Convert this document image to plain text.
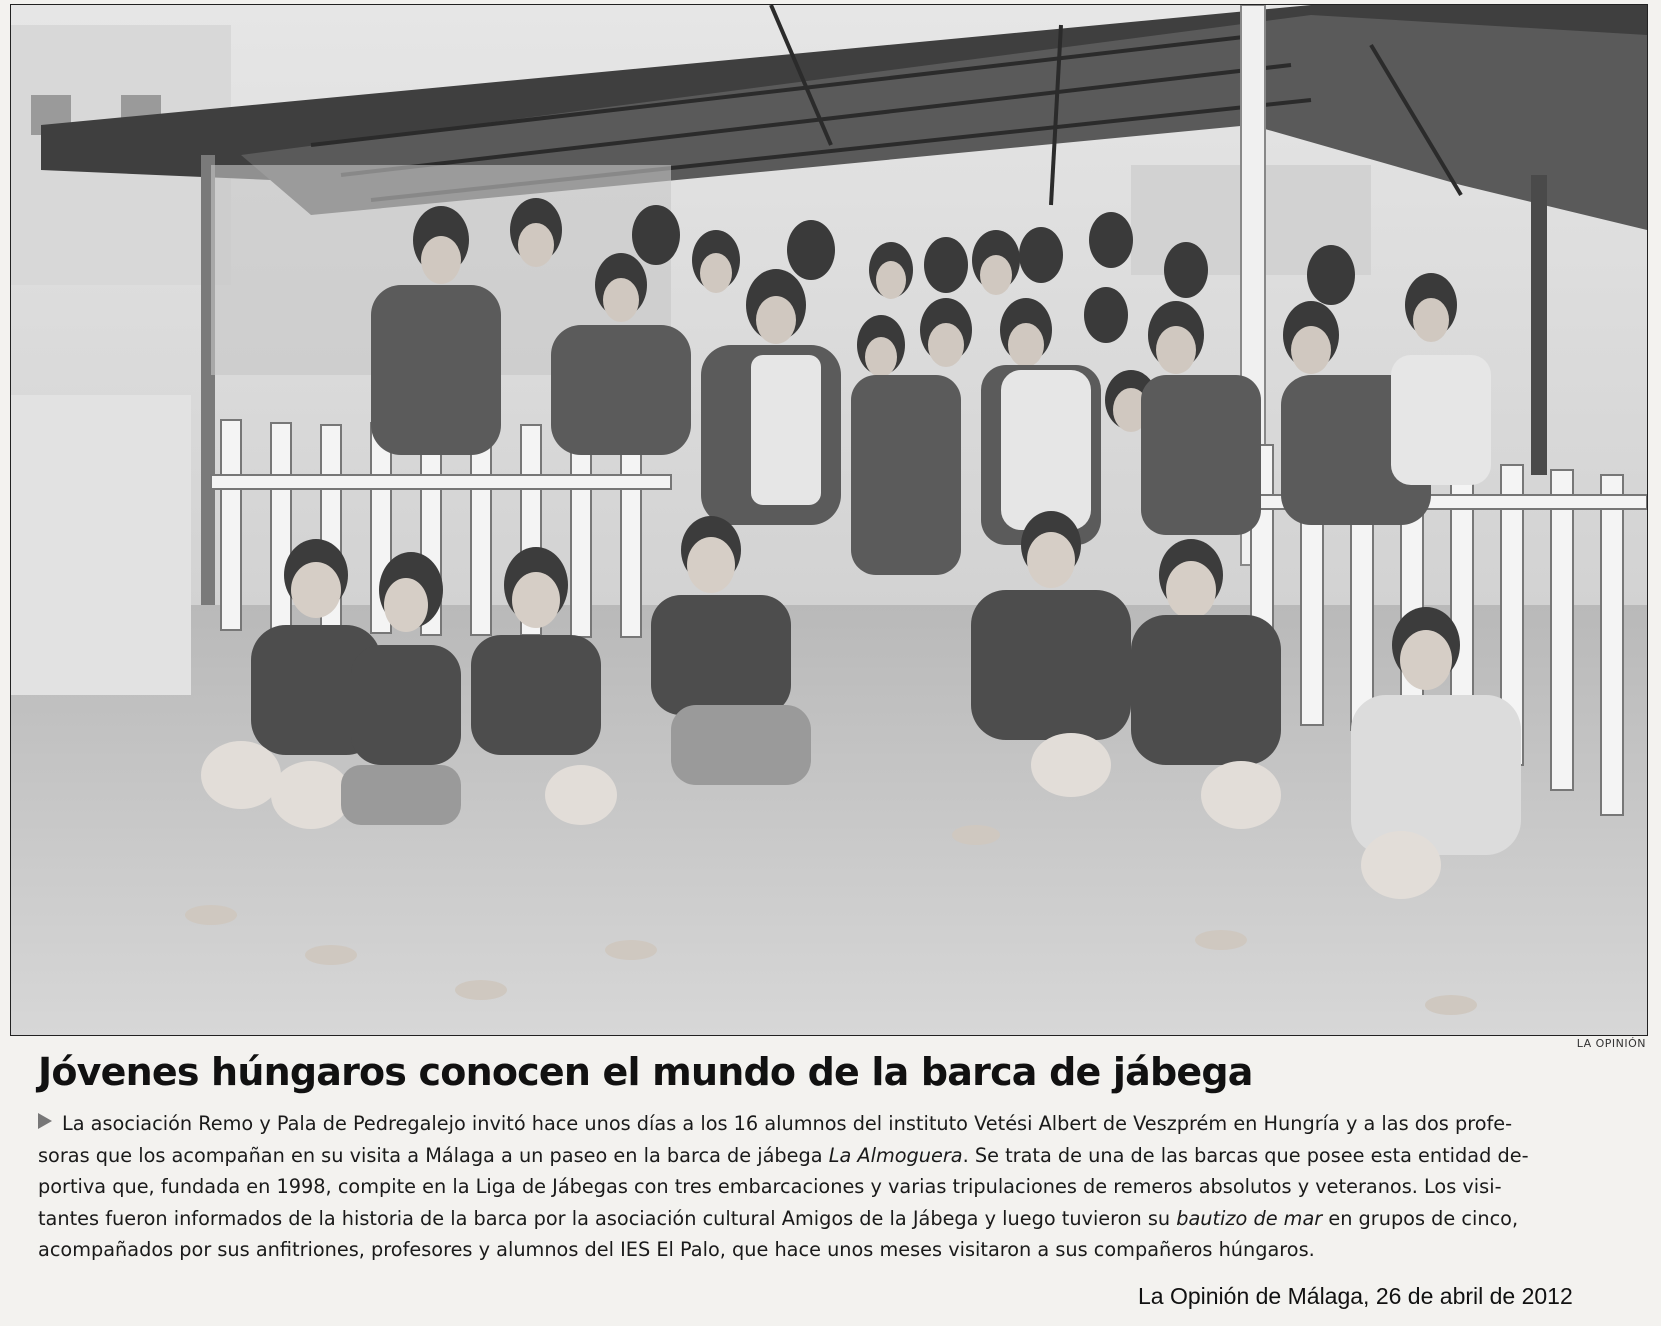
LA OPINIÓN
Jóvenes húngaros conocen el mundo de la barca de jábega
La asociación Remo y Pala de Pedregalejo invitó hace unos días a los 16 alumnos del instituto Vetési Albert de Veszprém en Hungría y a las dos profe-
soras que los acompañan en su visita a Málaga a un paseo en la barca de jábega La Almoguera. Se trata de una de las barcas que posee esta entidad de-
portiva que, fundada en 1998, compite en la Liga de Jábegas con tres embarcaciones y varias tripulaciones de remeros absolutos y veteranos. Los visi-
tantes fueron informados de la historia de la barca por la asociación cultural Amigos de la Jábega y luego tuvieron su bautizo de mar en grupos de cinco,
acompañados por sus anfitriones, profesores y alumnos del IES El Palo, que hace unos meses visitaron a sus compañeros húngaros.
La Opinión de Málaga, 26 de abril de 2012
